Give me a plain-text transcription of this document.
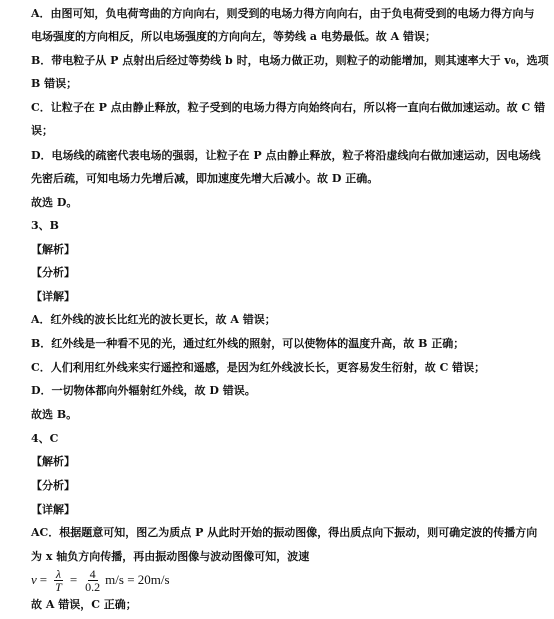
A．由图可知，负电荷弯曲的方向向右，则受到的电场力得方向向右，由于负电荷受到的电场力得方向与
电场强度的方向相反，所以电场强度的方向向左，等势线 a 电势最低。故 A 错误；
B．带电粒子从 P 点射出后经过等势线 b 时，电场力做正功，则粒子的动能增加，则其速率大于 v₀，选项
B 错误；
C．让粒子在 P 点由静止释放，粒子受到的电场力得方向始终向右，所以将一直向右做加速运动。故 C 错
误；
D．电场线的疏密代表电场的强弱，让粒子在 P 点由静止释放，粒子将沿虚线向右做加速运动，因电场线
先密后疏，可知电场力先增后减，即加速度先增大后减小。故 D 正确。
故选 D。
3、B
【解析】
【分析】
【详解】
A．红外线的波长比红光的波长更长，故 A 错误；
B．红外线是一种看不见的光，通过红外线的照射，可以使物体的温度升高，故 B 正确；
C．人们利用红外线来实行遥控和遥感，是因为红外线波长长，更容易发生衍射，故 C 错误；
D．一切物体都向外辐射红外线，故 D 错误。
故选 B。
4、C
【解析】
【分析】
【详解】
AC．根据题意可知，图乙为质点 P 从此时开始的振动图像，得出质点向下振动，则可确定波的传播方向
为 x 轴负方向传播，再由振动图像与波动图像可知，波速
$v = \frac{\lambda}{T} = \frac{4}{0.2} m/s = 20m/s$
故 A 错误，C 正确；
